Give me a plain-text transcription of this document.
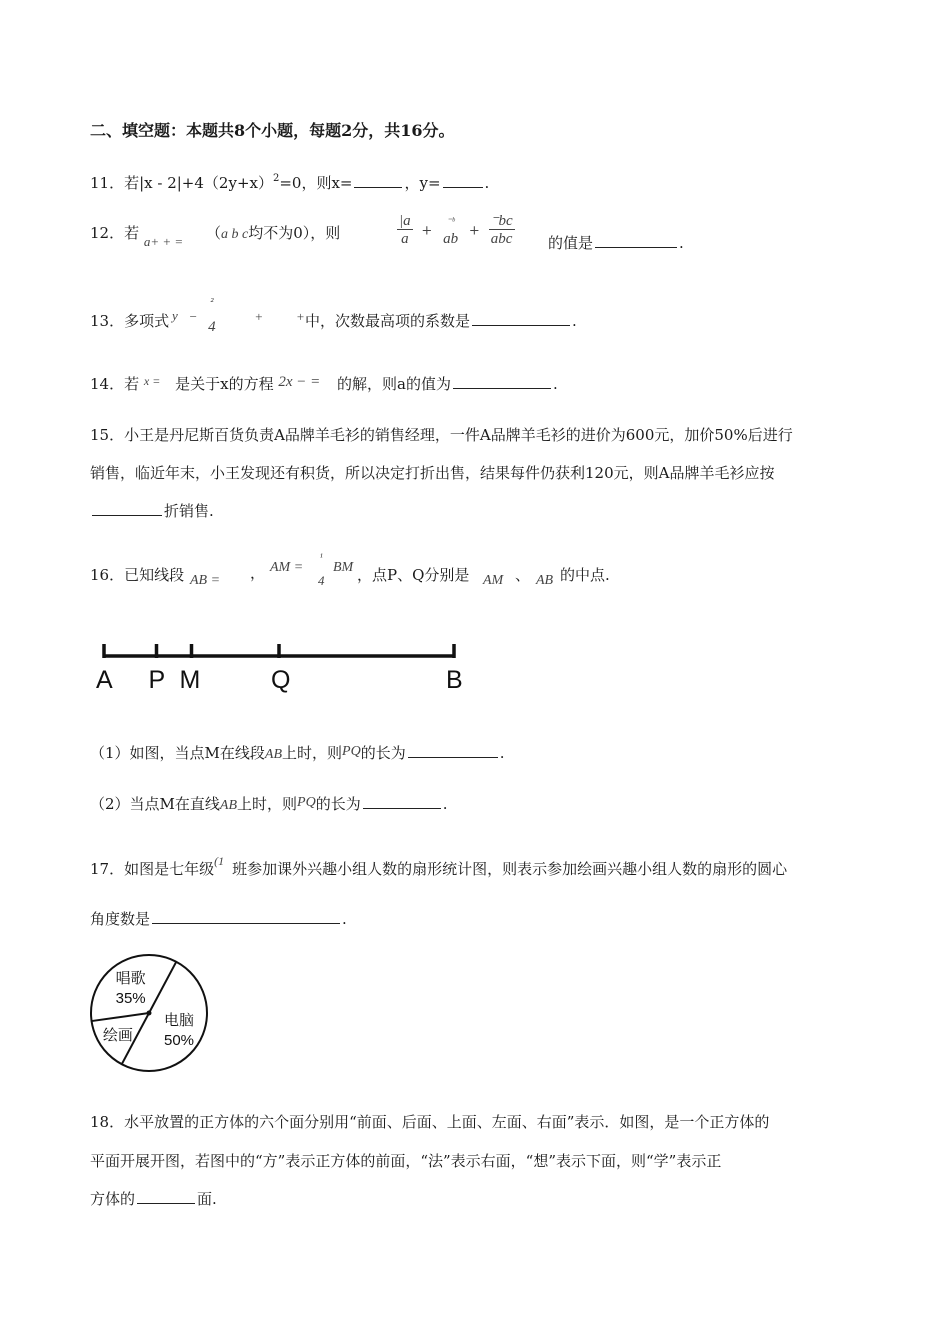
二、填空题：本题共8个小题，每题2分，共16分。
11．若$|x - 2|+4(2y+x)^2=0$，则x=	，y=	.
12．若 a+ + = （a b c均不为0），则	$\frac{|a}{a}$ +
⁻ᵇ
ab + $\frac{^-bc}{\text{abc}}$ 的值是	.
13．多项式 y −
²
4
+	+ 中，次数最高项的系数是	.
14．若 $^{x =}$ 是关于x的方程 2x − = 的解，则a的值为	.
15．小王是丹尼斯百货负责A品牌羊毛衫的销售经理，一件A品牌羊毛衫的进价为600元，加价50%后进行
销售，临近年末，小王发现还有积货，所以决定打折出售，结果每件仍获利120元，则A品牌羊毛衫应按
折销售.
16．已知线段 AB = ， AM =
¹
4
BM ，点P、Q分别是 AM 、 AB 的中点.
A P M	Q	B
（1）如图，当点M在线段AB上时，则PQ的长为	.
（2）当点M在直线AB上时，则PQ的长为	.
17．如图是七年级$^{(1}$ 班参加课外兴趣小组人数的扇形统计图，则表示参加绘画兴趣小组人数的扇形的圆心
角度数是	.
电脑
50%
绘画
唱歌
35%
18．水平放置的正方体的六个面分别用“前面、后面、上面、左面、右面”表示．如图，是一个正方体的
平面开展开图，若图中的“方”表示正方体的前面，“法”表示右面，“想”表示下面，则“学”表示正
方体的	面.
